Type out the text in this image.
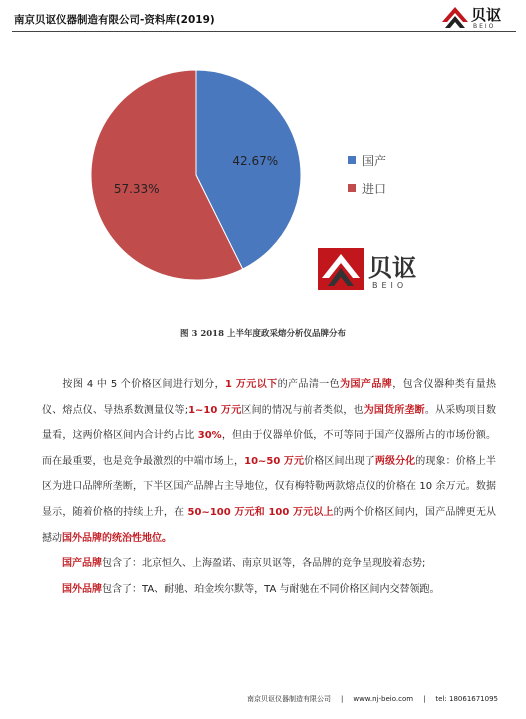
南京贝讴仪器制造有限公司-资料库(2019)	贝讴
BEIO
42.67%
57.33%
国产
进口
贝讴
BEIO
图 3 2018 上半年度政采熔分析仪品牌分布

  按图 4 中 5 个价格区间进行划分，1 万元以下的产品清一色为国产品牌，包含仪器种类有量热仪、熔点仪、导热系数测量仪等;1~10 万元区间的情况与前者类似，也为国货所垄断。从采购项目数量看，这两价格区间内合计约占比 30%，但由于仪器单价低，不可等同于国产仪器所占的市场份额。而在最重要，也是竞争最激烈的中端市场上，10~50 万元价格区间出现了两级分化的现象：价格上半区为进口品牌所垄断，下半区国产品牌占主导地位，仅有梅特勒两款熔点仪的价格在 10 余万元。数据显示，随着价格的持续上升，在 50~100 万元和 100 万元以上的两个价格区间内，国产品牌更无从撼动国外品牌的统治性地位。

  国产品牌包含了：北京恒久、上海盈诺、南京贝讴等，各品牌的竞争呈现胶着态势;

  国外品牌包含了：TA、耐驰、珀金埃尔默等，TA 与耐驰在不同价格区间内交替领跑。

南京贝讴仪器制造有限公司 | www.nj-beio.com | tel: 18061671095
